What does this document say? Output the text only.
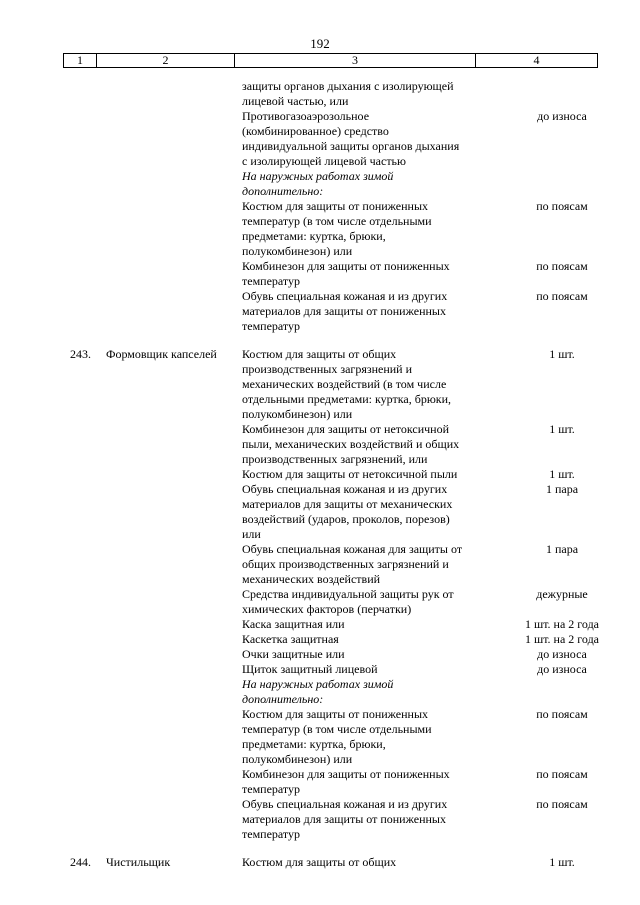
192
1	2	3	4
защиты органов дыхания с изолирующей
лицевой частью, или
Противогазоаэрозольное	до износа
(комбинированное) средство
индивидуальной защиты органов дыхания
с изолирующей лицевой частью
На наружных работах зимой
дополнительно:
Костюм для защиты от пониженных	по поясам
температур (в том числе отдельными
предметами: куртка, брюки,
полукомбинезон) или
Комбинезон для защиты от пониженных	по поясам
температур
Обувь специальная кожаная и из других	по поясам
материалов для защиты от пониженных
температур
243.	Формовщик капселей	Костюм для защиты от общих	1 шт.
производственных загрязнений и
механических воздействий (в том числе
отдельными предметами: куртка, брюки,
полукомбинезон) или
Комбинезон для защиты от нетоксичной	1 шт.
пыли, механических воздействий и общих
производственных загрязнений, или
Костюм для защиты от нетоксичной пыли	1 шт.
Обувь специальная кожаная и из других	1 пара
материалов для защиты от механических
воздействий (ударов, проколов, порезов)
или
Обувь специальная кожаная для защиты от	1 пара
общих производственных загрязнений и
механических воздействий
Средства индивидуальной защиты рук от	дежурные
химических факторов (перчатки)
Каска защитная или	1 шт. на 2 года
Каскетка защитная	1 шт. на 2 года
Очки защитные или	до износа
Щиток защитный лицевой	до износа
На наружных работах зимой
дополнительно:
Костюм для защиты от пониженных	по поясам
температур (в том числе отдельными
предметами: куртка, брюки,
полукомбинезон) или
Комбинезон для защиты от пониженных	по поясам
температур
Обувь специальная кожаная и из других	по поясам
материалов для защиты от пониженных
температур
244.	Чистильщик	Костюм для защиты от общих	1 шт.
